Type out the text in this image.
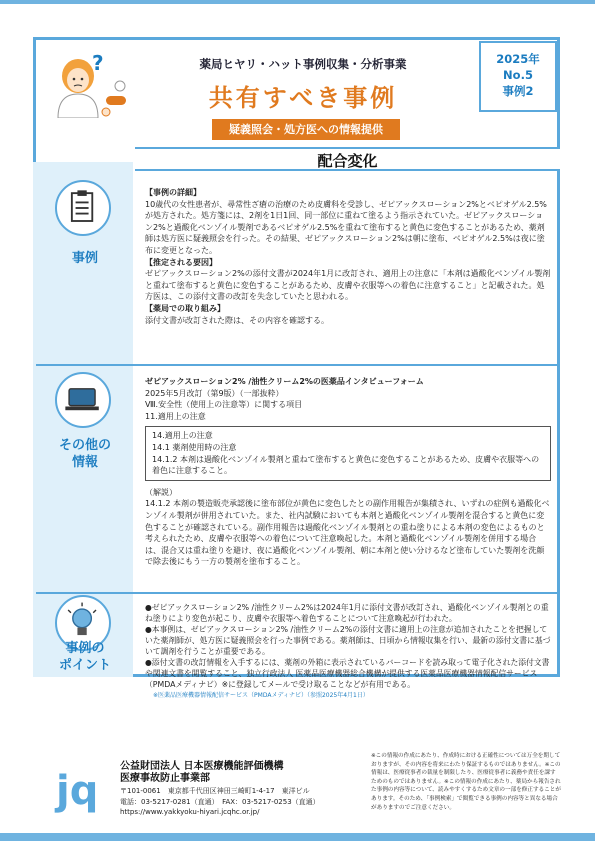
?	薬局ヒヤリ・ハット事例収集・分析事業
共有すべき事例
疑義照会・処方医への情報提供
2025年
No.5
事例2
配合変化
事例
【事例の詳細】
10歳代の女性患者が、尋常性ざ瘡の治療のため皮膚科を受診し、ゼピアックスローション2%とベピオゲル2.5%が処方された。処方箋には、2剤を1日1回、同一部位に重ねて塗るよう指示されていた。ゼピアックスローション2%と過酸化ベンゾイル製剤であるベピオゲル2.5%を重ねて塗布すると黄色に変色することがあるため、薬剤師は処方医に疑義照会を行った。その結果、ゼピアックスローション2%は朝に塗布、ベピオゲル2.5%は夜に塗布に変更となった。
【推定される要因】
ゼピアックスローション2%の添付文書が2024年1月に改訂され、適用上の注意に「本剤は過酸化ベンゾイル製剤と重ねて塗布すると黄色に変色することがあるため、皮膚や衣服等への着色に注意すること」と記載された。処方医は、この添付文書の改訂を失念していたと思われる。
【薬局での取り組み】
添付文書が改訂された際は、その内容を確認する。
その他の
情報
ゼピアックスローション2% /油性クリーム2%の医薬品インタビューフォーム
2025年5月改訂（第9版）（一部抜粋）
Ⅷ.安全性（使用上の注意等）に関する項目
11.適用上の注意
14.適用上の注意
14.1 薬剤使用時の注意
14.1.2 本剤は過酸化ベンゾイル製剤と重ねて塗布すると黄色に変色することがあるため、皮膚や衣服等への着色に注意すること。
（解説）
14.1.2 本剤の製造販売承認後に塗布部位が黄色に変色したとの副作用報告が集積され、いずれの症例も過酸化ベンゾイル製剤が併用されていた。また、社内試験においても本剤と過酸化ベンゾイル製剤を混合すると黄色に変色することが確認されている。副作用報告は過酸化ベンゾイル製剤との重ね塗りによる本剤の変色によるものと考えられたため、皮膚や衣服等への着色について注意喚起した。本剤と過酸化ベンゾイル製剤を併用する場合は、混合又は重ね塗りを避け、夜に過酸化ベンゾイル製剤、朝に本剤と使い分けるなど塗布していた製剤を洗顔で除去後にもう一方の製剤を塗布すること。
事例の
ポイント
●ゼピアックスローション2% /油性クリーム2%は2024年1月に添付文書が改訂され、過酸化ベンゾイル製剤との重ね塗りにより変色が起こり、皮膚や衣服等へ着色することについて注意喚起が行われた。
●本事例は、ゼピアックスローション2% /油性クリーム2%の添付文書に適用上の注意が追加されたことを把握していた薬剤師が、処方医に疑義照会を行った事例である。薬剤師は、日頃から情報収集を行い、最新の添付文書に基づいて調剤を行うことが重要である。
●添付文書の改訂情報を入手するには、薬剤の外箱に表示されているバーコードを読み取って電子化された添付文書や関連文書を閲覧すること、独立行政法人 医薬品医療機器総合機構が提供する医薬品医療機器情報配信サービス（PMDAメディナビ）※に登録してメールで受け取ることなどが有用である。
※医薬品医療機器情報配信サービス（PMDAメディナビ）（参照2025年4月1日）
jq
公益財団法人 日本医療機能評価機構
医療事故防止事業部
〒101-0061　東京都千代田区神田三崎町1-4-17　東洋ビル
電話：03-5217-0281（直通）　FAX：03-5217-0253（直通）
https://www.yakkyoku-hiyari.jcqhc.or.jp/
※この情報の作成にあたり、作成時における正確性については万全を期しておりますが、その内容を将来にわたり保証するものではありません。※この情報は、医療従事者の裁量を制限したり、医療従事者に義務や責任を課すためのものではありません。※この情報の作成にあたり、薬局から報告された事例の内容等について、読みやすくするため文章の一部を修正することがあります。そのため、「事例検索」で閲覧できる事例の内容等と異なる場合がありますのでご注意ください。
